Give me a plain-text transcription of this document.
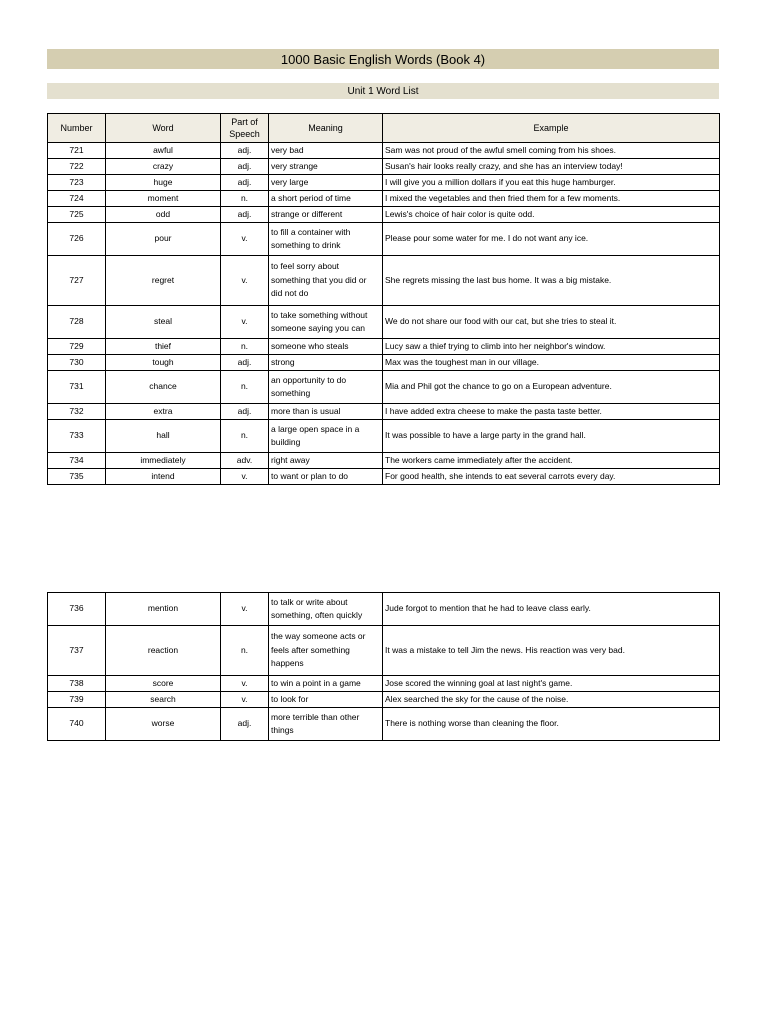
1000 Basic English Words (Book 4)
Unit 1 Word List
Number	Word	Part of Speech	Meaning	Example
721	awful	adj.	very bad	Sam was not proud of the awful smell coming from his shoes.
722	crazy	adj.	very strange	Susan's hair looks really crazy, and she has an interview today!
723	huge	adj.	very large	I will give you a million dollars if you eat this huge hamburger.
724	moment	n.	a short period of time	I mixed the vegetables and then fried them for a few moments.
725	odd	adj.	strange or different	Lewis's choice of hair color is quite odd.
726	pour	v.	to fill a container with something to drink	Please pour some water for me. I do not want any ice.
727	regret	v.	to feel sorry about something that you did or did not do	She regrets missing the last bus home. It was a big mistake.
728	steal	v.	to take something without someone saying you can	We do not share our food with our cat, but she tries to steal it.
729	thief	n.	someone who steals	Lucy saw a thief trying to climb into her neighbor's window.
730	tough	adj.	strong	Max was the toughest man in our village.
731	chance	n.	an opportunity to do something	Mia and Phil got the chance to go on a European adventure.
732	extra	adj.	more than is usual	I have added extra cheese to make the pasta taste better.
733	hall	n.	a large open space in a building	It was possible to have a large party in the grand hall.
734	immediately	adv.	right away	The workers came immediately after the accident.
735	intend	v.	to want or plan to do	For good health, she intends to eat several carrots every day.
736	mention	v.	to talk or write about something, often quickly	Jude forgot to mention that he had to leave class early.
737	reaction	n.	the way someone acts or feels after something happens	It was a mistake to tell Jim the news. His reaction was very bad.
738	score	v.	to win a point in a game	Jose scored the winning goal at last night's game.
739	search	v.	to look for	Alex searched the sky for the cause of the noise.
740	worse	adj.	more terrible than other things	There is nothing worse than cleaning the floor.
